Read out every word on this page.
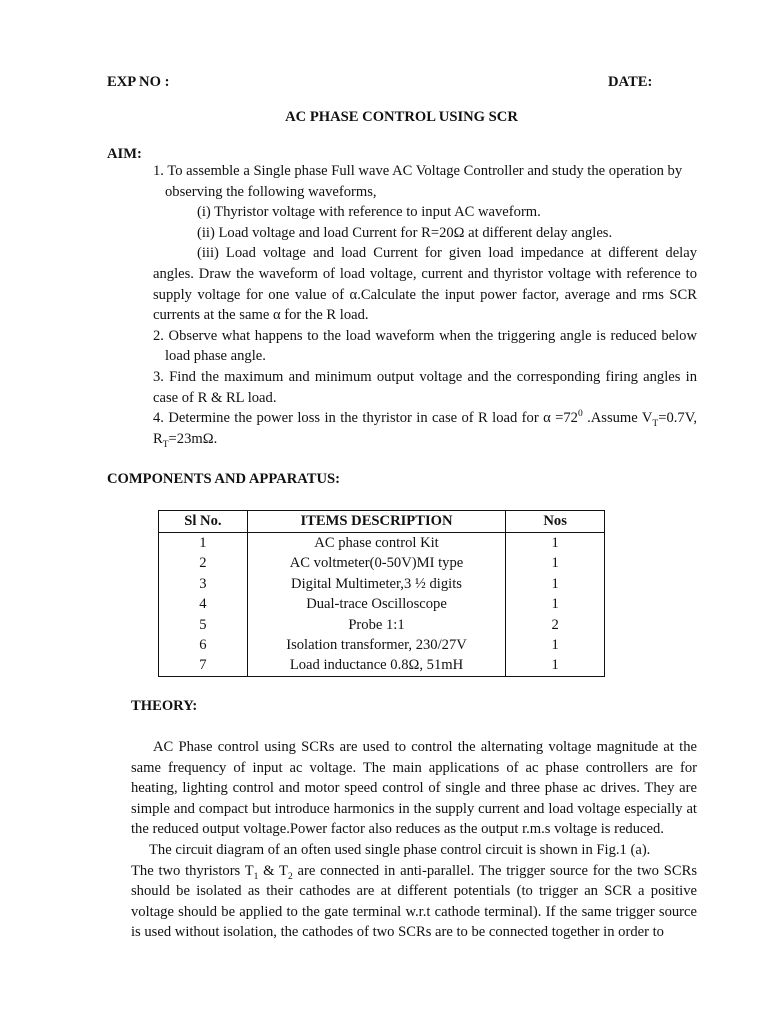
EXP NO :	DATE:
AC PHASE CONTROL USING SCR
AIM:
1. To assemble a Single phase Full wave AC Voltage Controller and study the operation by
observing the following waveforms,
(i) Thyristor voltage with reference to input AC waveform.
(ii) Load voltage and load Current for R=20Ω at different delay angles.

(iii) Load voltage and load Current for given load impedance at different delay angles. Draw the waveform of load voltage, current and thyristor voltage with reference to supply voltage for one value of α.Calculate the input power factor, average and rms SCR currents at the same α for the R load.

2. Observe what happens to the load waveform when the triggering angle is reduced below load phase angle.

3. Find the maximum and minimum output voltage and the corresponding firing angles in case of R & RL load.

4. Determine the power loss in the thyristor in case of R load for $\alpha =72^0$ .Assume $V_T=0.7V$, $R_T=23m\Omega$.

COMPONENTS AND APPARATUS:
Sl No.	ITEMS DESCRIPTION	Nos
1	AC phase control Kit	1
2	AC voltmeter(0-50V)MI type	1
3	Digital Multimeter,3 ½ digits	1
4	Dual-trace Oscilloscope	1
5	Probe 1:1	2
6	Isolation transformer, 230/27V	1
7	Load inductance 0.8Ω, 51mH	1
THEORY:

AC Phase control using SCRs are used to control the alternating voltage magnitude at the same frequency of input ac voltage. The main applications of ac phase controllers are for heating, lighting control and motor speed control of single and three phase ac drives. They are simple and compact but introduce harmonics in the supply current and load voltage especially at the reduced output voltage.Power factor also reduces as the output r.m.s voltage is reduced.

The circuit diagram of an often used single phase control circuit is shown in Fig.1 (a).

The two thyristors $T_1$ & $T_2$ are connected in anti-parallel. The trigger source for the two SCRs should be isolated as their cathodes are at different potentials (to trigger an SCR a positive voltage should be applied to the gate terminal w.r.t cathode terminal). If the same trigger source is used without isolation, the cathodes of two SCRs are to be connected together in order to
